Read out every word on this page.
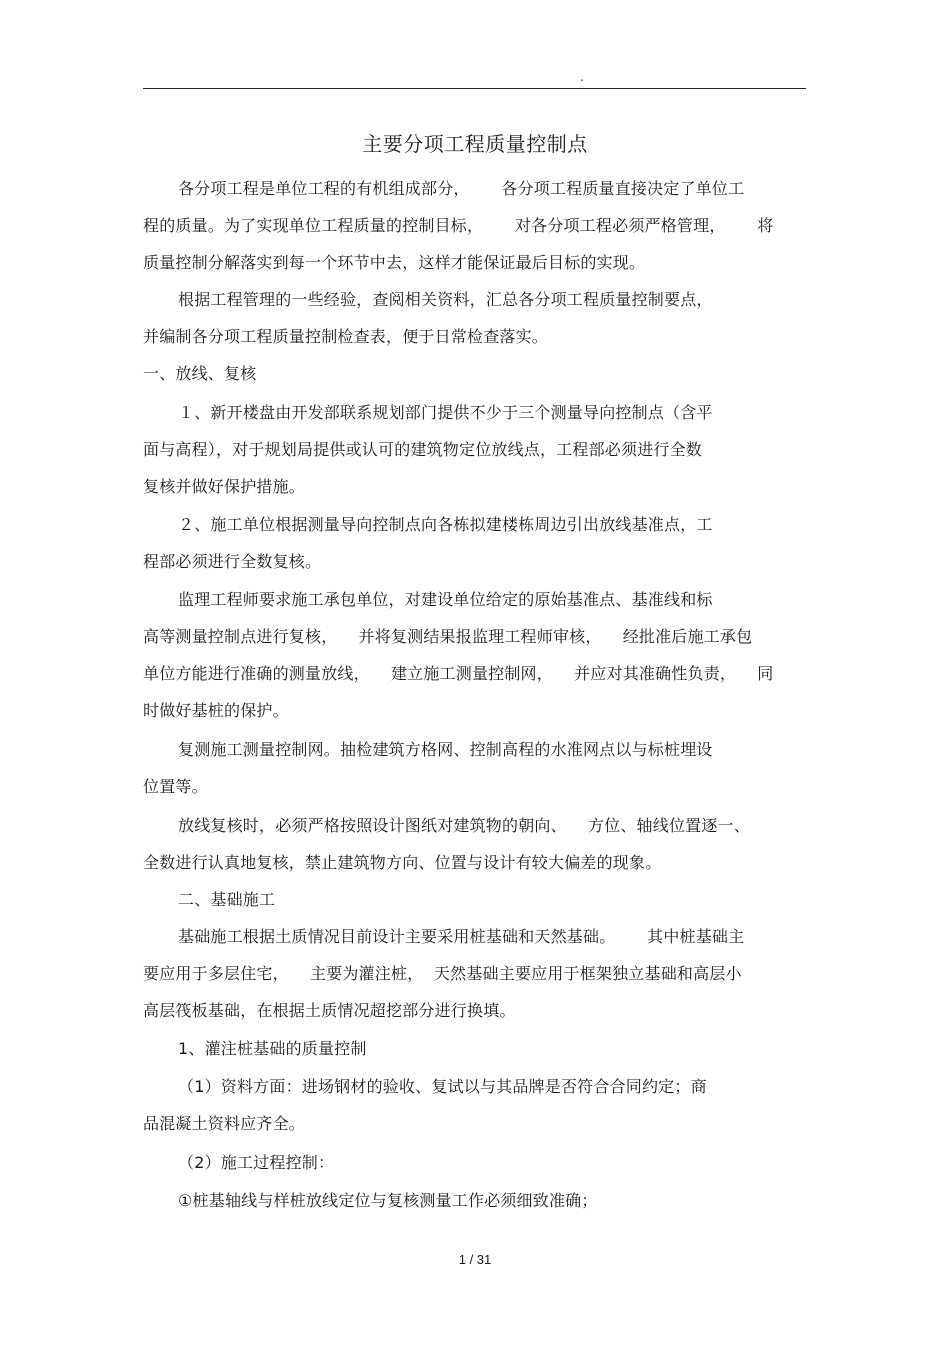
.
主要分项工程质量控制点
各分项工程是单位工程的有机组成部分，      各分项工程质量直接决定了单位工
程的质量。为了实现单位工程质量的控制目标，      对各分项工程必须严格管理，      将
质量控制分解落实到每一个环节中去，这样才能保证最后目标的实现。
根据工程管理的一些经验，查阅相关资料，汇总各分项工程质量控制要点，
并编制各分项工程质量控制检查表，便于日常检查落实。
一、放线、复核
１、新开楼盘由开发部联系规划部门提供不少于三个测量导向控制点（含平
面与高程），对于规划局提供或认可的建筑物定位放线点，工程部必须进行全数
复核并做好保护措施。
２、施工单位根据测量导向控制点向各栋拟建楼栋周边引出放线基准点，工
程部必须进行全数复核。
监理工程师要求施工承包单位，对建设单位给定的原始基准点、基准线和标
高等测量控制点进行复核，    并将复测结果报监理工程师审核，    经批准后施工承包
单位方能进行准确的测量放线，    建立施工测量控制网，    并应对其准确性负责，    同
时做好基桩的保护。
复测施工测量控制网。抽检建筑方格网、控制高程的水准网点以与标桩埋设
位置等。
放线复核时，必须严格按照设计图纸对建筑物的朝向、    方位、轴线位置逐一、
全数进行认真地复核，禁止建筑物方向、位置与设计有较大偏差的现象。
二、基础施工
基础施工根据土质情况目前设计主要采用桩基础和天然基础。      其中桩基础主
要应用于多层住宅，    主要为灌注桩，  天然基础主要应用于框架独立基础和高层小
高层筏板基础，在根据土质情况超挖部分进行换填。
1、灌注桩基础的质量控制
（1）资料方面：进场钢材的验收、复试以与其品牌是否符合合同约定；商
品混凝土资料应齐全。
（2）施工过程控制：
①桩基轴线与样桩放线定位与复核测量工作必须细致准确；
1 / 31
